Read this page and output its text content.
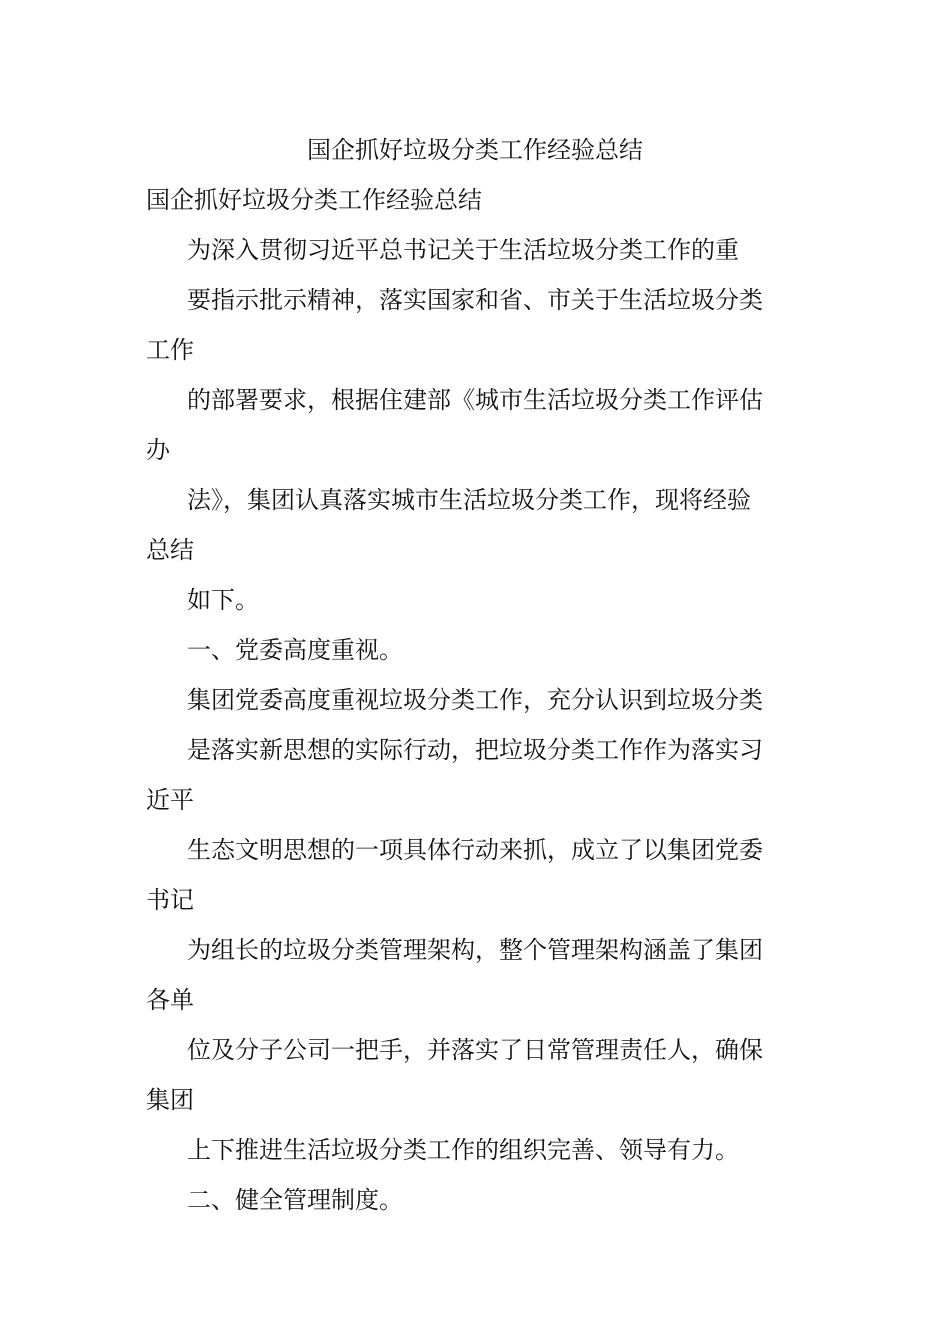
国企抓好垃圾分类工作经验总结
国企抓好垃圾分类工作经验总结
为深入贯彻习近平总书记关于生活垃圾分类工作的重
要指示批示精神，落实国家和省、市关于生活垃圾分类
工作
的部署要求，根据住建部《城市生活垃圾分类工作评估
办
法》，集团认真落实城市生活垃圾分类工作，现将经验
总结
如下。
一、党委高度重视。
集团党委高度重视垃圾分类工作，充分认识到垃圾分类
是落实新思想的实际行动，把垃圾分类工作作为落实习
近平
生态文明思想的一项具体行动来抓，成立了以集团党委
书记
为组长的垃圾分类管理架构，整个管理架构涵盖了集团
各单
位及分子公司一把手，并落实了日常管理责任人，确保
集团
上下推进生活垃圾分类工作的组织完善、领导有力。
二、健全管理制度。
